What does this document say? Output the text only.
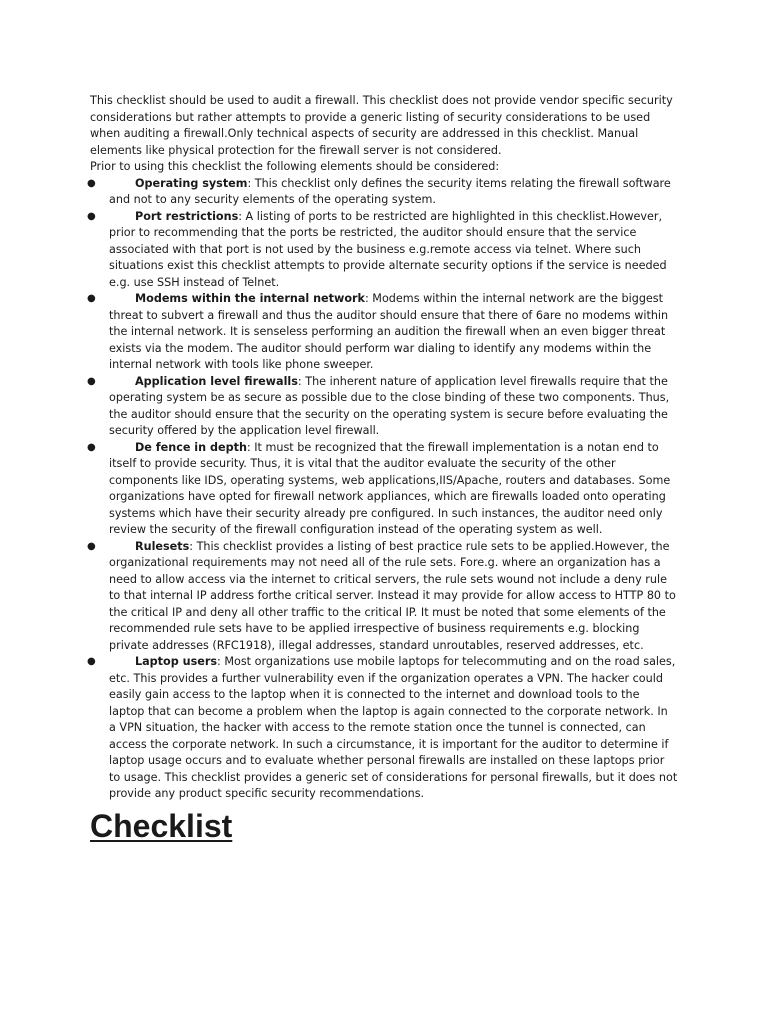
This checklist should be used to audit a firewall. This checklist does not provide vendor specific security considerations but rather attempts to provide a generic listing of security considerations to be used when auditing a firewall.Only technical aspects of security are addressed in this checklist. Manual elements like physical protection for the firewall server is not considered.

Prior to using this checklist the following elements should be considered:

●	Operating system: This checklist only defines the security items relating the firewall software and not to any security elements of the operating system.
●	Port restrictions: A listing of ports to be restricted are highlighted in this checklist.However, prior to recommending that the ports be restricted, the auditor should ensure that the service associated with that port is not used by the business e.g.remote access via telnet. Where such situations exist this checklist attempts to provide alternate security options if the service is needed e.g. use SSH instead of Telnet.
●	Modems within the internal network: Modems within the internal network are the biggest threat to subvert a firewall and thus the auditor should ensure that there of 6are no modems within the internal network. It is senseless performing an audition the firewall when an even bigger threat exists via the modem. The auditor should perform war dialing to identify any modems within the internal network with tools like phone sweeper.
●	Application level firewalls: The inherent nature of application level firewalls require that the operating system be as secure as possible due to the close binding of these two components. Thus, the auditor should ensure that the security on the operating system is secure before evaluating the security offered by the application level firewall.
●	De fence in depth: It must be recognized that the firewall implementation is a notan end to itself to provide security. Thus, it is vital that the auditor evaluate the security of the other components like IDS, operating systems, web applications,IIS/Apache, routers and databases. Some organizations have opted for firewall network appliances, which are firewalls loaded onto operating systems which have their security already pre configured. In such instances, the auditor need only review the security of the firewall configuration instead of the operating system as well.
●	Rulesets: This checklist provides a listing of best practice rule sets to be applied.However, the organizational requirements may not need all of the rule sets. Fore.g. where an organization has a need to allow access via the internet to critical servers, the rule sets wound not include a deny rule to that internal IP address forthe critical server. Instead it may provide for allow access to HTTP 80 to the critical IP and deny all other traffic to the critical IP. It must be noted that some elements of the recommended rule sets have to be applied irrespective of business requirements e.g. blocking private addresses (RFC1918), illegal addresses, standard unroutables, reserved addresses, etc.
●	Laptop users: Most organizations use mobile laptops for telecommuting and on the road sales, etc. This provides a further vulnerability even if the organization operates a VPN. The hacker could easily gain access to the laptop when it is connected to the internet and download tools to the laptop that can become a problem when the laptop is again connected to the corporate network. In a VPN situation, the hacker with access to the remote station once the tunnel is connected, can access the corporate network. In such a circumstance, it is important for the auditor to determine if laptop usage occurs and to evaluate whether personal firewalls are installed on these laptops prior to usage. This checklist provides a generic set of considerations for personal firewalls, but it does not provide any product specific security recommendations.
Checklist
